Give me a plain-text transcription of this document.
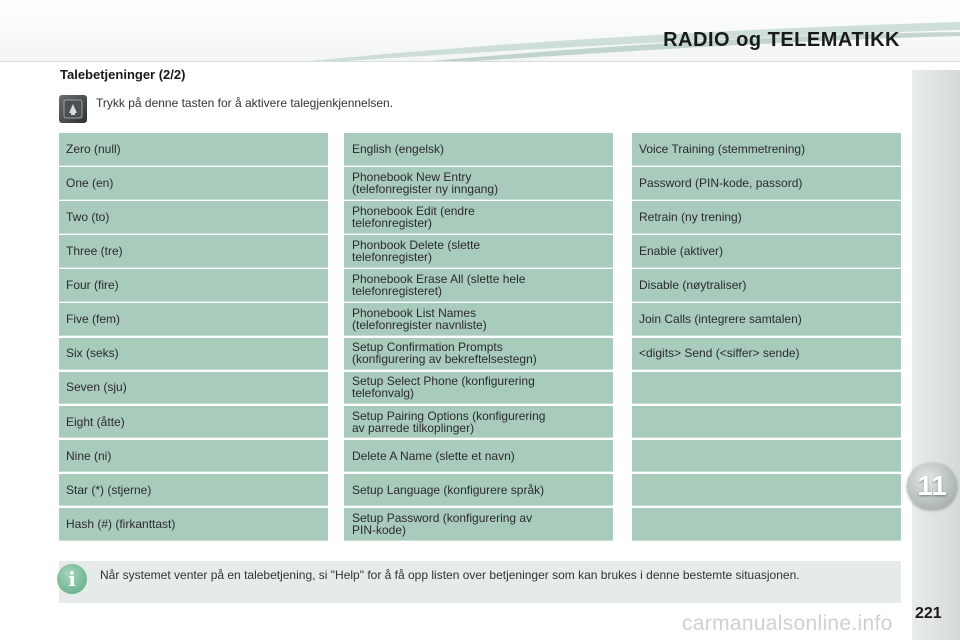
RADIO og TELEMATIKK
11
Talebetjeninger (2/2)
Trykk på denne tasten for å aktivere talegjenkjennelsen.
Zero (null)
One (en)
Two (to)
Three (tre)
Four (fire)
Five (fem)
Six (seks)
Seven (sju)
Eight (åtte)
Nine (ni)
Star (*) (stjerne)
Hash (#) (firkanttast)
English (engelsk)
Phonebook New Entry
(telefonregister ny inngang)
Phonebook Edit (endre
telefonregister)
Phonbook Delete (slette
telefonregister)
Phonebook Erase All (slette hele
telefonregisteret)
Phonebook List Names
(telefonregister navnliste)
Setup Confirmation Prompts
(konfigurering av bekreftelsestegn)
Setup Select Phone (konfigurering
telefonvalg)
Setup Pairing Options (konfigurering
av parrede tilkoplinger)
Delete A Name (slette et navn)
Setup Language (konfigurere språk)
Setup Password (konfigurering av
PIN-kode)
Voice Training (stemmetrening)
Password (PIN-kode, passord)
Retrain (ny trening)
Enable (aktiver)
Disable (nøytraliser)
Join Calls (integrere samtalen)
<digits> Send (<siffer> sende)
i	Når systemet venter på en talebetjening, si "Help" for å få opp listen over betjeninger som kan brukes i denne bestemte situasjonen.
221
carmanualsonline.info
